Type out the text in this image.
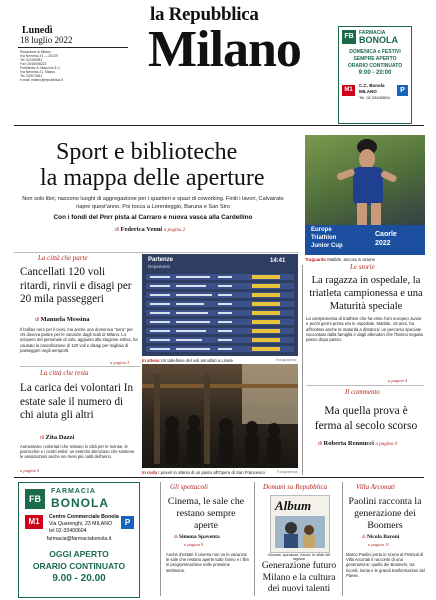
la Repubblica
Milano
Lunedì
18 luglio 2022
Redazione di Milano
Via Nervesa 21 — 20139
Tel. 02/480981
Fax 02/48098222
Pubblicità: A. Manzoni & C.
Via Nervesa 21, Milano
Tel. 02/574941
e-mail: milano@repubblica.it
FB	FARMACIA
BONOLA
DOMENICA e FESTIVI
SEMPRE APERTO
ORARIO CONTINUATO
9:00 - 20:00
M1
C.C. Bonola
MILANO
Tel. 02.33400604
P
Sport e biblioteche
la mappa delle aperture
Non solo libri, nascono luoghi di aggregazione per i quartieri e spazi di coworking. Finiti i lavori, Calvairate riapre quest'anno. Poi tocca a Lorenteggio, Baruna e San Siro
Con i fondi del Pnrr pista al Carraro e nuova vasca alla Cardellino
di Federica Venni a pagina 2	Europe
Triathlon
Junior Cup
Caorle
2022
Traguardo Matilde, ancora in azione
La città che parte
Cancellati 120 voli ritardi, rinvii e disagi per 20 mila passeggeri
di Manuela Messina
Il bollino nero per il cielo, ma anche una domenica "nera" per chi doveva partire per le vacanze dagli scali di Milano. Lo sciopero del personale di volo, aggiunto alla stagione estiva, ha causato la cancellazione di 120 voli e disagi per migliaia di passeggeri negli aeroporti.
a pagina 3
Partenze
Departures
14:41
In attesa Un tabellone del voli annullati a Linate	Fotogramma
Le storie
La ragazza in ospedale, la triatleta campionessa e una Maturità speciale
La campionessa di triathlon che ha vinto l'oro europeo Junior e pochi giorni prima era in ospedale. Matilde, 19 anni, ha affrontato anche la maturità a distanza: un percorso speciale raccontato dalla famiglia e dagli allenatori che l'hanno seguita passo dopo passo.
a pagina 4
La città che resta
La carica dei volontari In estate sale il numero di chi aiuta gli altri
di Zita Dazzi
Aumentano i volontari che restano in città per le mense, le parrocchie e i centri estivi: un esercito silenzioso che sostiene le associazioni anche nei mesi più caldi dell'anno.
a pagina 5	In coda I poveri in attesa di un pasto all'Opera di San Francesco	Fotogramma
Il commento
Ma quella prova è ferma al secolo scorso
di Roberta Rennucci a pagina 4
FB
FARMACIA
BONOLA
M1	Centro Commerciale Bonola
Via Quarenghi, 23 MILANO
tel 02-33400604
P
farmacia@farmaciabonola.it
OGGI APERTO
ORARIO CONTINUATO
9.00 - 20.00
Gli spettacoli
Cinema, le sale che restano sempre aperte
di Simona Spaventa
a pagina 9
Anche d'estate il cinema non va in vacanza: le sale che restano aperte tutto l'anno e i film in programmazione nelle prossime settimane.
Domani su Repubblica
Album
Giovani, speranze, futuro: le sfide dei ragazzi
Generazione futuro Milano e la cultura dei nuovi talenti
Villa Arconati
Paolini racconta la generazione dei Boomers
di Nicola Baroni
a pagina 11
Marco Paolini porta in scena al Festival di Villa Arconati il racconto di una generazione: quella dei Boomers, tra ricordi, ironia e le grandi trasformazioni del Paese.
